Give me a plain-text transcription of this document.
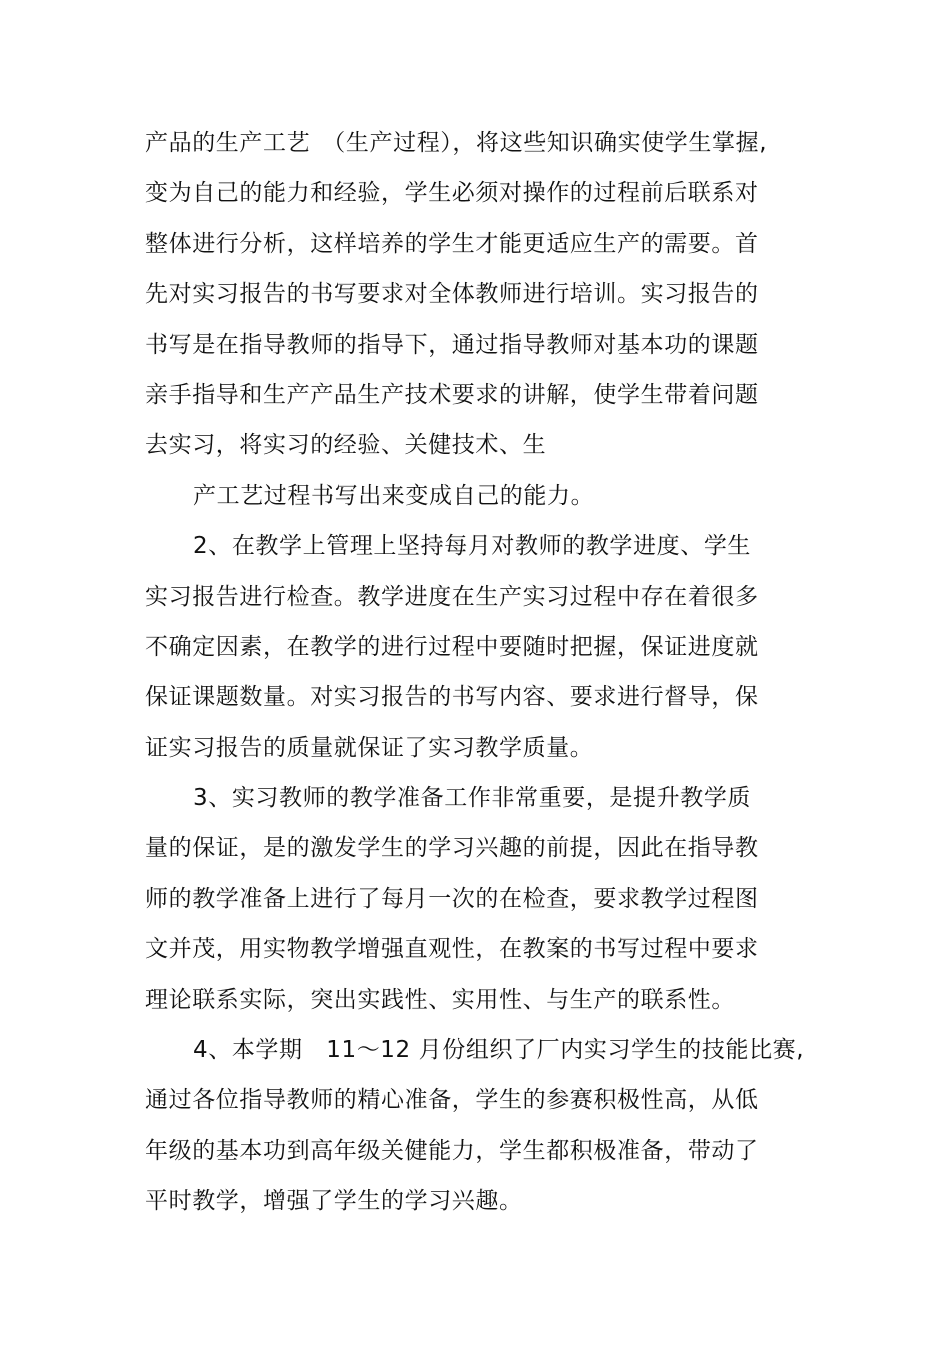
产品的生产工艺　（生产过程），将这些知识确实使学生掌握,
变为自己的能力和经验，学生必须对操作的过程前后联系对
整体进行分析，这样培养的学生才能更适应生产的需要。首
先对实习报告的书写要求对全体教师进行培训。实习报告的
书写是在指导教师的指导下，通过指导教师对基本功的课题
亲手指导和生产产品生产技术要求的讲解，使学生带着问题
去实习，将实习的经验、关健技术、生
产工艺过程书写出来变成自己的能力。
2、在教学上管理上坚持每月对教师的教学进度、学生
实习报告进行检查。教学进度在生产实习过程中存在着很多
不确定因素，在教学的进行过程中要随时把握，保证进度就
保证课题数量。对实习报告的书写内容、要求进行督导，保
证实习报告的质量就保证了实习教学质量。
3、实习教师的教学准备工作非常重要，是提升教学质
量的保证，是的激发学生的学习兴趣的前提，因此在指导教
师的教学准备上进行了每月一次的在检查，要求教学过程图
文并茂，用实物教学增强直观性，在教案的书写过程中要求
理论联系实际，突出实践性、实用性、与生产的联系性。
4、本学期　11～12 月份组织了厂内实习学生的技能比赛,
通过各位指导教师的精心准备，学生的参赛积极性高，从低
年级的基本功到高年级关健能力，学生都积极准备，带动了
平时教学，增强了学生的学习兴趣。
